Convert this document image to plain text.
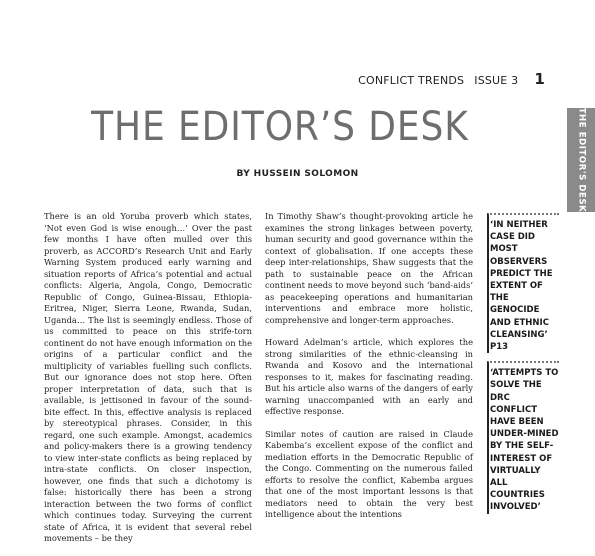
CONFLICT TRENDS ISSUE 3 1
THE EDITOR'S DESK
THE EDITOR’S DESK
BY HUSSEIN SOLOMON

There is an old Yoruba proverb which states, ‘Not even God is wise enough…’ Over the past few months I have often mulled over this proverb, as ACCORD’s Research Unit and Early Warning System produced early warning and situation reports of Africa’s potential and actual conflicts: Algeria, Angola, Congo, Democratic Republic of Congo, Guinea-Bissau, Ethiopia-Eritrea, Niger, Sierra Leone, Rwanda, Sudan, Uganda… The list is seemingly endless. Those of us committed to peace on this strife-torn continent do not have enough information on the origins of a particular conflict and the multiplicity of variables fuelling such conflicts. But our ignorance does not stop here. Often proper interpretation of data, such that is available, is jettisoned in favour of the sound-bite effect. In this, effective analysis is replaced by stereotypical phrases. Consider, in this regard, one such example. Amongst, academics and policy-makers there is a growing tendency to view inter-state conflicts as being replaced by intra-state conflicts. On closer inspection, however, one finds that such a dichotomy is false: historically there has been a strong interaction between the two forms of conflict which continues today. Surveying the current state of Africa, it is evident that several rebel movements – be they

In Timothy Shaw’s thought-provoking article he examines the strong linkages between poverty, human security and good governance within the context of globalisation. If one accepts these deep inter-relationships, Shaw suggests that the path to sustainable peace on the African continent needs to move beyond such ‘band-aids’ as peacekeeping operations and humanitarian interventions and embrace more holistic, comprehensive and longer-term approaches.

Howard Adelman’s article, which explores the strong similarities of the ethnic-cleansing in Rwanda and Kosovo and the international responses to it, makes for fascinating reading. But his article also warns of the dangers of early warning unaccompanied with an early and effective response.

Similar notes of caution are raised in Claude Kabemba’s excellent expose of the conflict and mediation efforts in the Democratic Republic of the Congo. Commenting on the numerous failed efforts to resolve the conflict, Kabemba argues that one of the most important lessons is that mediators need to obtain the very best intelligence about the intentions

‘IN NEITHER CASE DID MOST OBSERVERS PREDICT THE EXTENT OF THE GENOCIDE AND ETHNIC CLEANSING’
P13
‘ATTEMPTS TO SOLVE THE DRC CONFLICT HAVE BEEN UNDER-MINED BY THE SELF-INTEREST OF VIRTUALLY ALL COUNTRIES INVOLVED’
